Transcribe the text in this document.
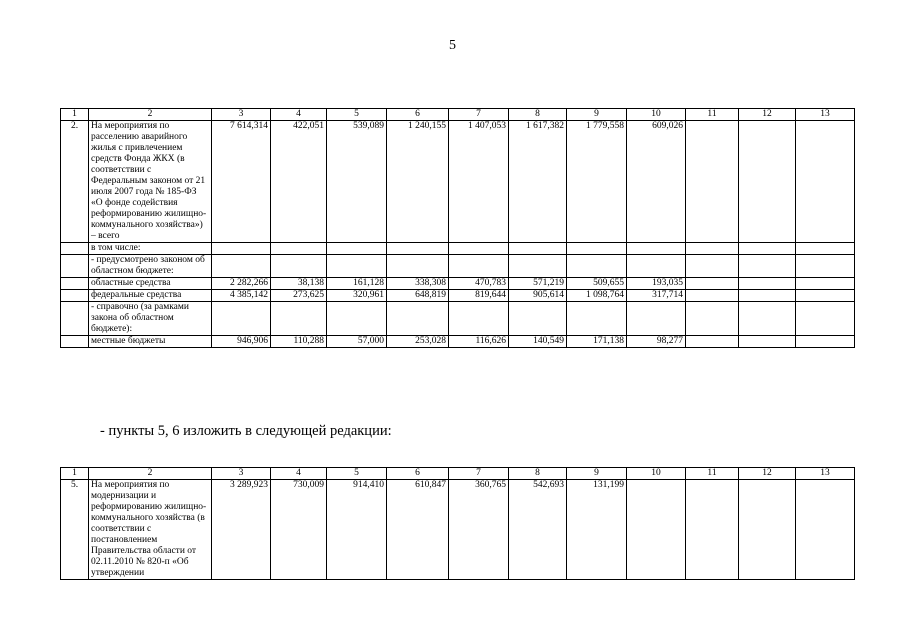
5
1	2	3	4	5	6	7	8	9	10	11	12	13
2.	На мероприятия по расселению аварийного жилья с привлечением средств Фонда ЖКХ (в соответствии с Федеральным законом от 21 июля 2007 года № 185-ФЗ «О фонде содействия реформированию жилищно-коммунального хозяйства») – всего	7 614,314	422,051	539,089	1 240,155	1 407,053	1 617,382	1 779,558	609,026			
	в том числе:											
	- предусмотрено законом об областном бюджете:											
	областные средства	2 282,266	38,138	161,128	338,308	470,783	571,219	509,655	193,035			
	федеральные средства	4 385,142	273,625	320,961	648,819	819,644	905,614	1 098,764	317,714			
	- справочно (за рамками закона об областном бюджете):											
	местные бюджеты	946,906	110,288	57,000	253,028	116,626	140,549	171,138	98,277			
- пункты 5, 6 изложить в следующей редакции:
1	2	3	4	5	6	7	8	9	10	11	12	13
5.	На мероприятия по модернизации и реформированию жилищно-коммунального хозяйства (в соответствии с постановлением Правительства области от 02.11.2010 № 820-п «Об утверждении	3 289,923	730,009	914,410	610,847	360,765	542,693	131,199				
